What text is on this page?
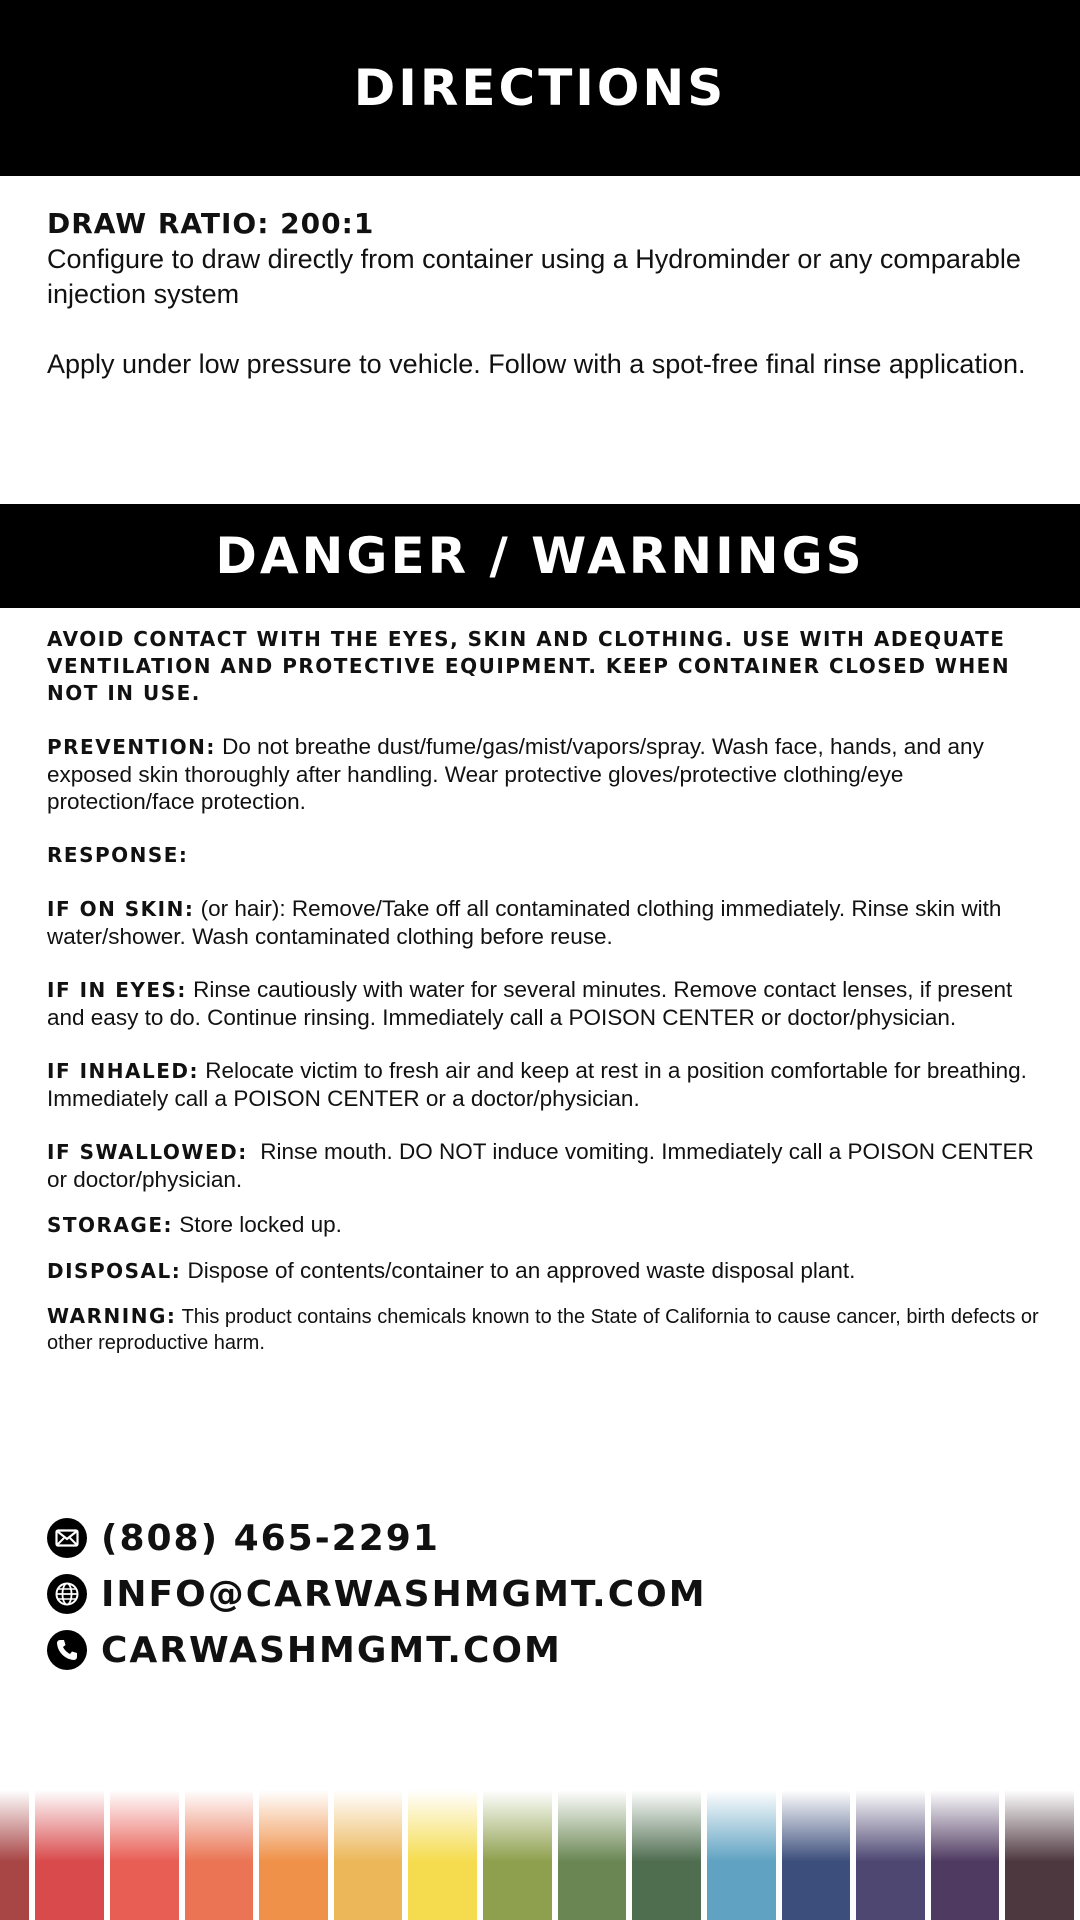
DIRECTIONS
DRAW RATIO: 200:1

Configure to draw directly from container using a Hydrominder or any comparable injection system

Apply under low pressure to vehicle. Follow with a spot-free final rinse application.

DANGER / WARNINGS

AVOID CONTACT WITH THE EYES, SKIN AND CLOTHING. USE WITH ADEQUATE VENTILATION AND PROTECTIVE EQUIPMENT. KEEP CONTAINER CLOSED WHEN NOT IN USE.

PREVENTION: Do not breathe dust/fume/gas/mist/vapors/spray. Wash face, hands, and any exposed skin thoroughly after handling. Wear protective gloves/protective clothing/eye protection/face protection.

RESPONSE:

IF ON SKIN: (or hair): Remove/Take off all contaminated clothing immediately. Rinse skin with water/shower. Wash contaminated clothing before reuse.

IF IN EYES: Rinse cautiously with water for several minutes. Remove contact lenses, if present and easy to do. Continue rinsing. Immediately call a POISON CENTER or doctor/physician.

IF INHALED: Relocate victim to fresh air and keep at rest in a position comfortable for breathing. Immediately call a POISON CENTER or a doctor/physician.

IF SWALLOWED:  Rinse mouth. DO NOT induce vomiting. Immediately call a POISON CENTER or doctor/physician.

STORAGE: Store locked up.

DISPOSAL: Dispose of contents/container to an approved waste disposal plant.

WARNING: This product contains chemicals known to the State of California to cause cancer, birth defects or other reproductive harm.

(808) 465-2291
INFO@CARWASHMGMT.COM
CARWASHMGMT.COM
